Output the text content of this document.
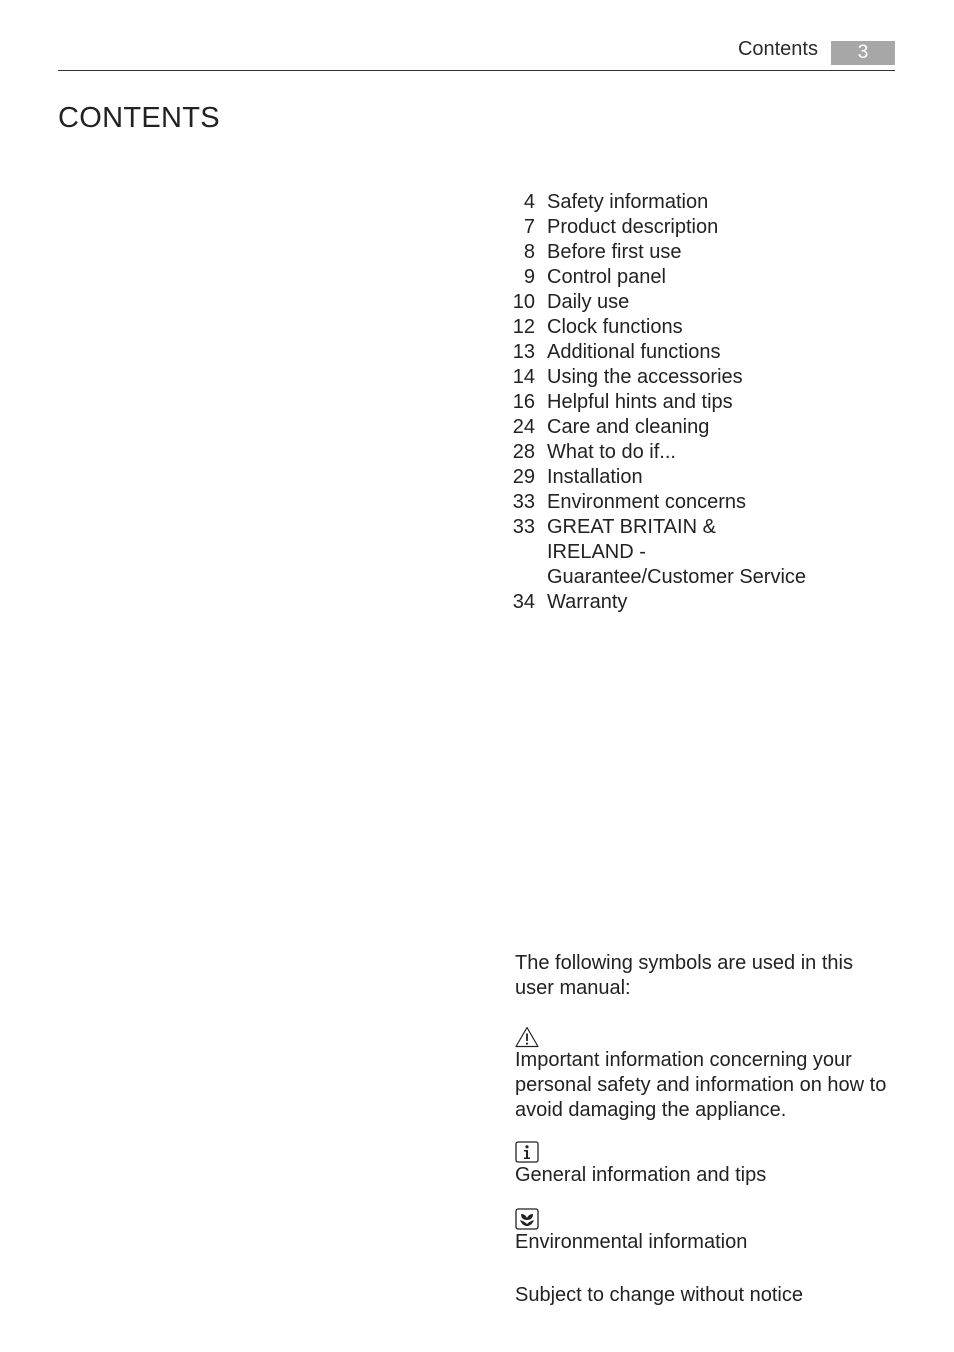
Contents	3
CONTENTS
4 Safety information
7 Product description
8 Before first use
9 Control panel
10 Daily use
12 Clock functions
13 Additional functions
14 Using the accessories
16 Helpful hints and tips
24 Care and cleaning
28 What to do if...
29 Installation
33 Environment concerns
33 GREAT BRITAIN & IRELAND - Guarantee/Customer Service
34 Warranty

The following symbols are used in this user manual:

Important information concerning your personal safety and information on how to avoid damaging the appliance.

General information and tips

Environmental information

Subject to change without notice
